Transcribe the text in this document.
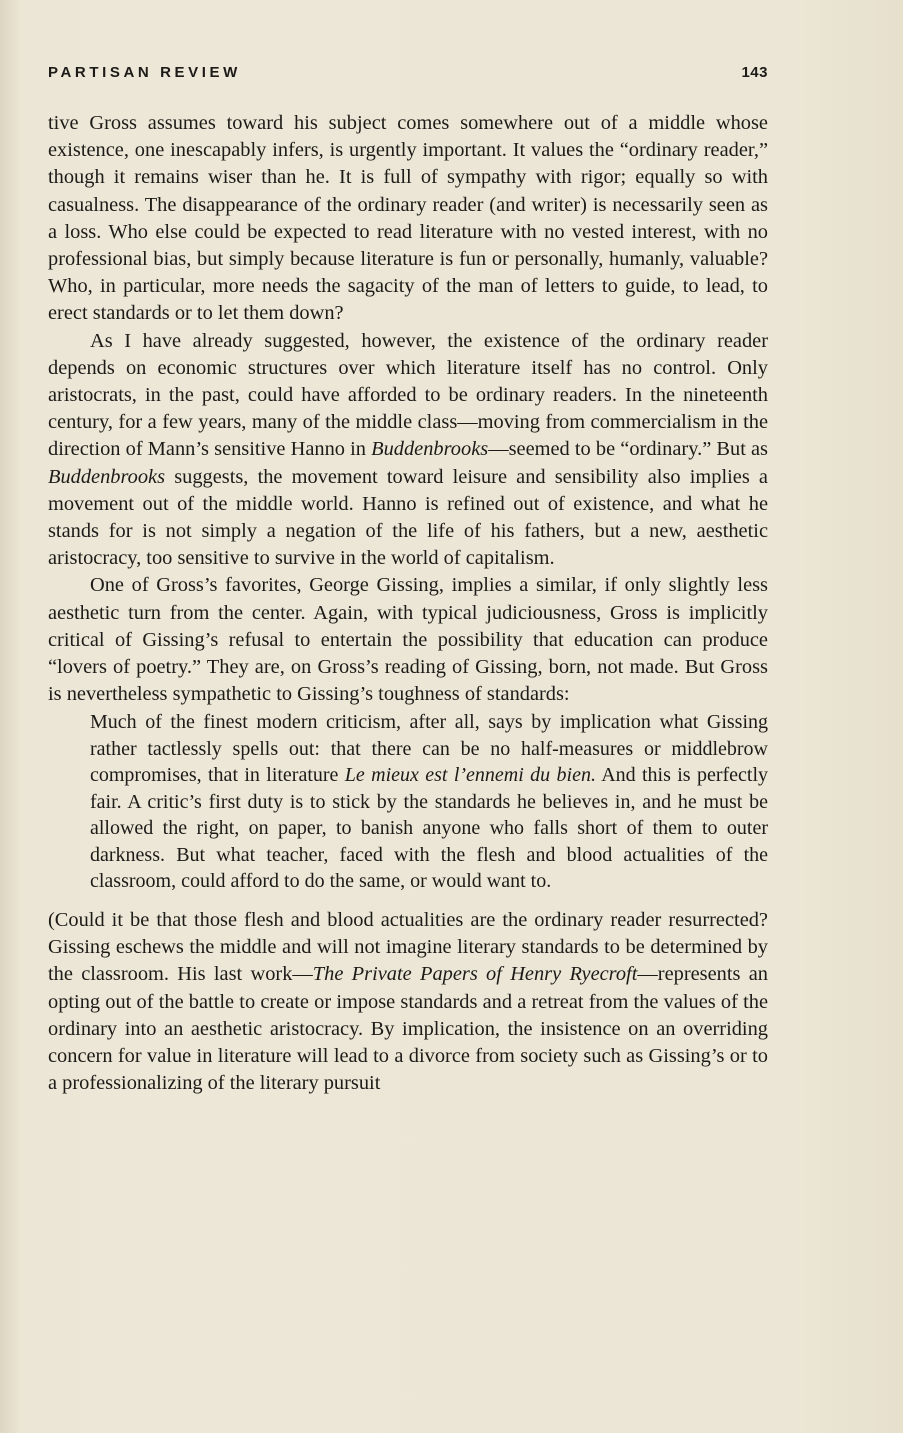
PARTISAN REVIEW	143

tive Gross assumes toward his subject comes somewhere out of a middle whose existence, one inescapably infers, is urgently important. It values the “ordinary reader,” though it remains wiser than he. It is full of sympathy with rigor; equally so with casualness. The disappearance of the ordinary reader (and writer) is necessarily seen as a loss. Who else could be expected to read literature with no vested interest, with no professional bias, but simply because literature is fun or personally, humanly, valuable? Who, in particular, more needs the sagacity of the man of letters to guide, to lead, to erect standards or to let them down?

As I have already suggested, however, the existence of the ordinary reader depends on economic structures over which literature itself has no control. Only aristocrats, in the past, could have afforded to be ordinary readers. In the nineteenth century, for a few years, many of the middle class—moving from commercialism in the direction of Mann’s sensitive Hanno in Buddenbrooks—seemed to be “ordinary.” But as Buddenbrooks suggests, the movement toward leisure and sensibility also implies a movement out of the middle world. Hanno is refined out of existence, and what he stands for is not simply a negation of the life of his fathers, but a new, aesthetic aristocracy, too sensitive to survive in the world of capitalism.

One of Gross’s favorites, George Gissing, implies a similar, if only slightly less aesthetic turn from the center. Again, with typical judiciousness, Gross is implicitly critical of Gissing’s refusal to entertain the possibility that education can produce “lovers of poetry.” They are, on Gross’s reading of Gissing, born, not made. But Gross is nevertheless sympathetic to Gissing’s toughness of standards:

Much of the finest modern criticism, after all, says by implication what Gissing rather tactlessly spells out: that there can be no half-measures or middlebrow compromises, that in literature Le mieux est l’ennemi du bien. And this is perfectly fair. A critic’s first duty is to stick by the standards he believes in, and he must be allowed the right, on paper, to banish anyone who falls short of them to outer darkness. But what teacher, faced with the flesh and blood actualities of the classroom, could afford to do the same, or would want to.

(Could it be that those flesh and blood actualities are the ordinary reader resurrected? Gissing eschews the middle and will not imagine literary standards to be determined by the classroom. His last work—The Private Papers of Henry Ryecroft—represents an opting out of the battle to create or impose standards and a retreat from the values of the ordinary into an aesthetic aristocracy. By implication, the insistence on an overriding concern for value in literature will lead to a divorce from society such as Gissing’s or to a professionalizing of the literary pursuit
